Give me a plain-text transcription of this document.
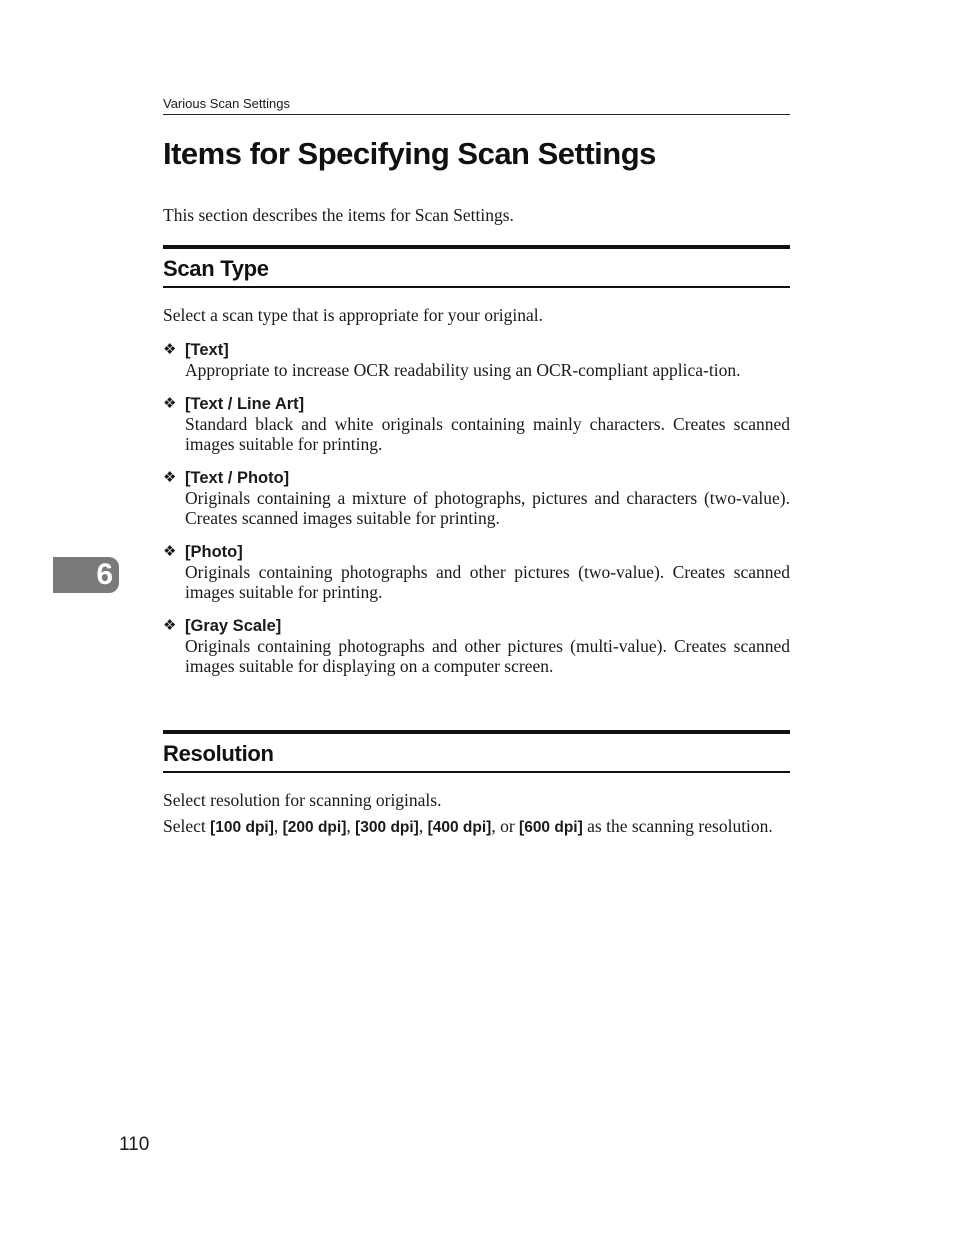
Various Scan Settings
Items for Specifying Scan Settings
This section describes the items for Scan Settings.
Scan Type

Select a scan type that is appropriate for your original.

❖ [Text]
Appropriate to increase OCR readability using an OCR-compliant applica-tion.
❖ [Text / Line Art]
Standard black and white originals containing mainly characters. Creates scanned images suitable for printing.
❖ [Text / Photo]
Originals containing a mixture of photographs, pictures and characters (two-value). Creates scanned images suitable for printing.
❖ [Photo]
Originals containing photographs and other pictures (two-value). Creates scanned images suitable for printing.
❖ [Gray Scale]
Originals containing photographs and other pictures (multi-value). Creates scanned images suitable for displaying on a computer screen.
Resolution

Select resolution for scanning originals.

Select [100 dpi], [200 dpi], [300 dpi], [400 dpi], or [600 dpi] as the scanning resolution.
6
110
